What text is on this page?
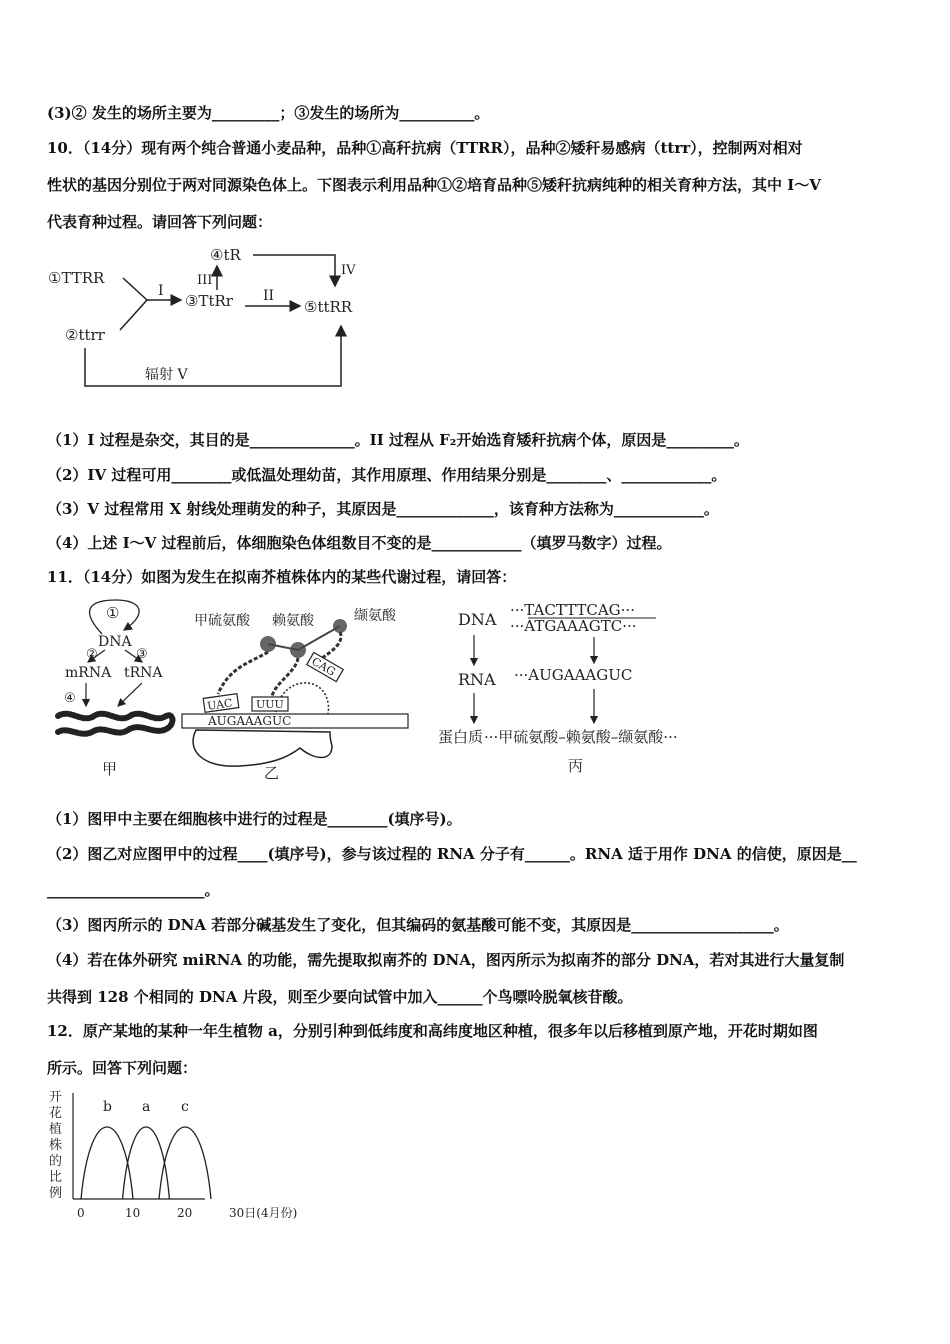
(3)② 发生的场所主要为_________；③发生的场所为__________。
10．（14分）现有两个纯合普通小麦品种，品种①高秆抗病（TTRR），品种②矮秆易感病（ttrr），控制两对相对
性状的基因分别位于两对同源染色体上。下图表示利用品种①②培育品种⑤矮秆抗病纯种的相关育种方法，其中 I～V
代表育种过程。请回答下列问题：
①TTRR
②ttrr
I
③TtRr II
⑤ttRR
III
④tR
IV
辐射 V
（1）I 过程是杂交，其目的是______________。II 过程从 F₂开始选育矮秆抗病个体，原因是_________。
（2）IV 过程可用________或低温处理幼苗，其作用原理、作用结果分别是________、____________。
（3）V 过程常用 X 射线处理萌发的种子，其原因是_____________，该育种方法称为____________。
（4）上述 I～V 过程前后，体细胞染色体组数目不变的是____________（填罗马数字）过程。
11．（14分）如图为发生在拟南芥植株体内的某些代谢过程，请回答：
①
DNA
②	③
mRNA tRNA
④
甲
甲硫氨酸 赖氨酸	缬氨酸
UAC UUU
CAG
AUGAAAGUC
乙
DNA ···TACTTTCAG···
···ATGAAAGTC···
RNA ···AUGAAAGUC
蛋白质 ···甲硫氨酸–赖氨酸–缬氨酸···
丙
（1）图甲中主要在细胞核中进行的过程是________(填序号)。
（2）图乙对应图甲中的过程____(填序号)，参与该过程的 RNA 分子有______。RNA 适于用作 DNA 的信使，原因是__
_____________________。
（3）图丙所示的 DNA 若部分碱基发生了变化，但其编码的氨基酸可能不变，其原因是___________________。
（4）若在体外研究 miRNA 的功能，需先提取拟南芥的 DNA，图丙所示为拟南芥的部分 DNA，若对其进行大量复制
共得到 128 个相同的 DNA 片段，则至少要向试管中加入______个鸟嘌呤脱氧核苷酸。
12．原产某地的某种一年生植物 a，分别引种到低纬度和高纬度地区种植，很多年以后移植到原产地，开花时期如图
所示。回答下列问题：
开花植株的比例
b a c
0	10	20	30日(4月份)
